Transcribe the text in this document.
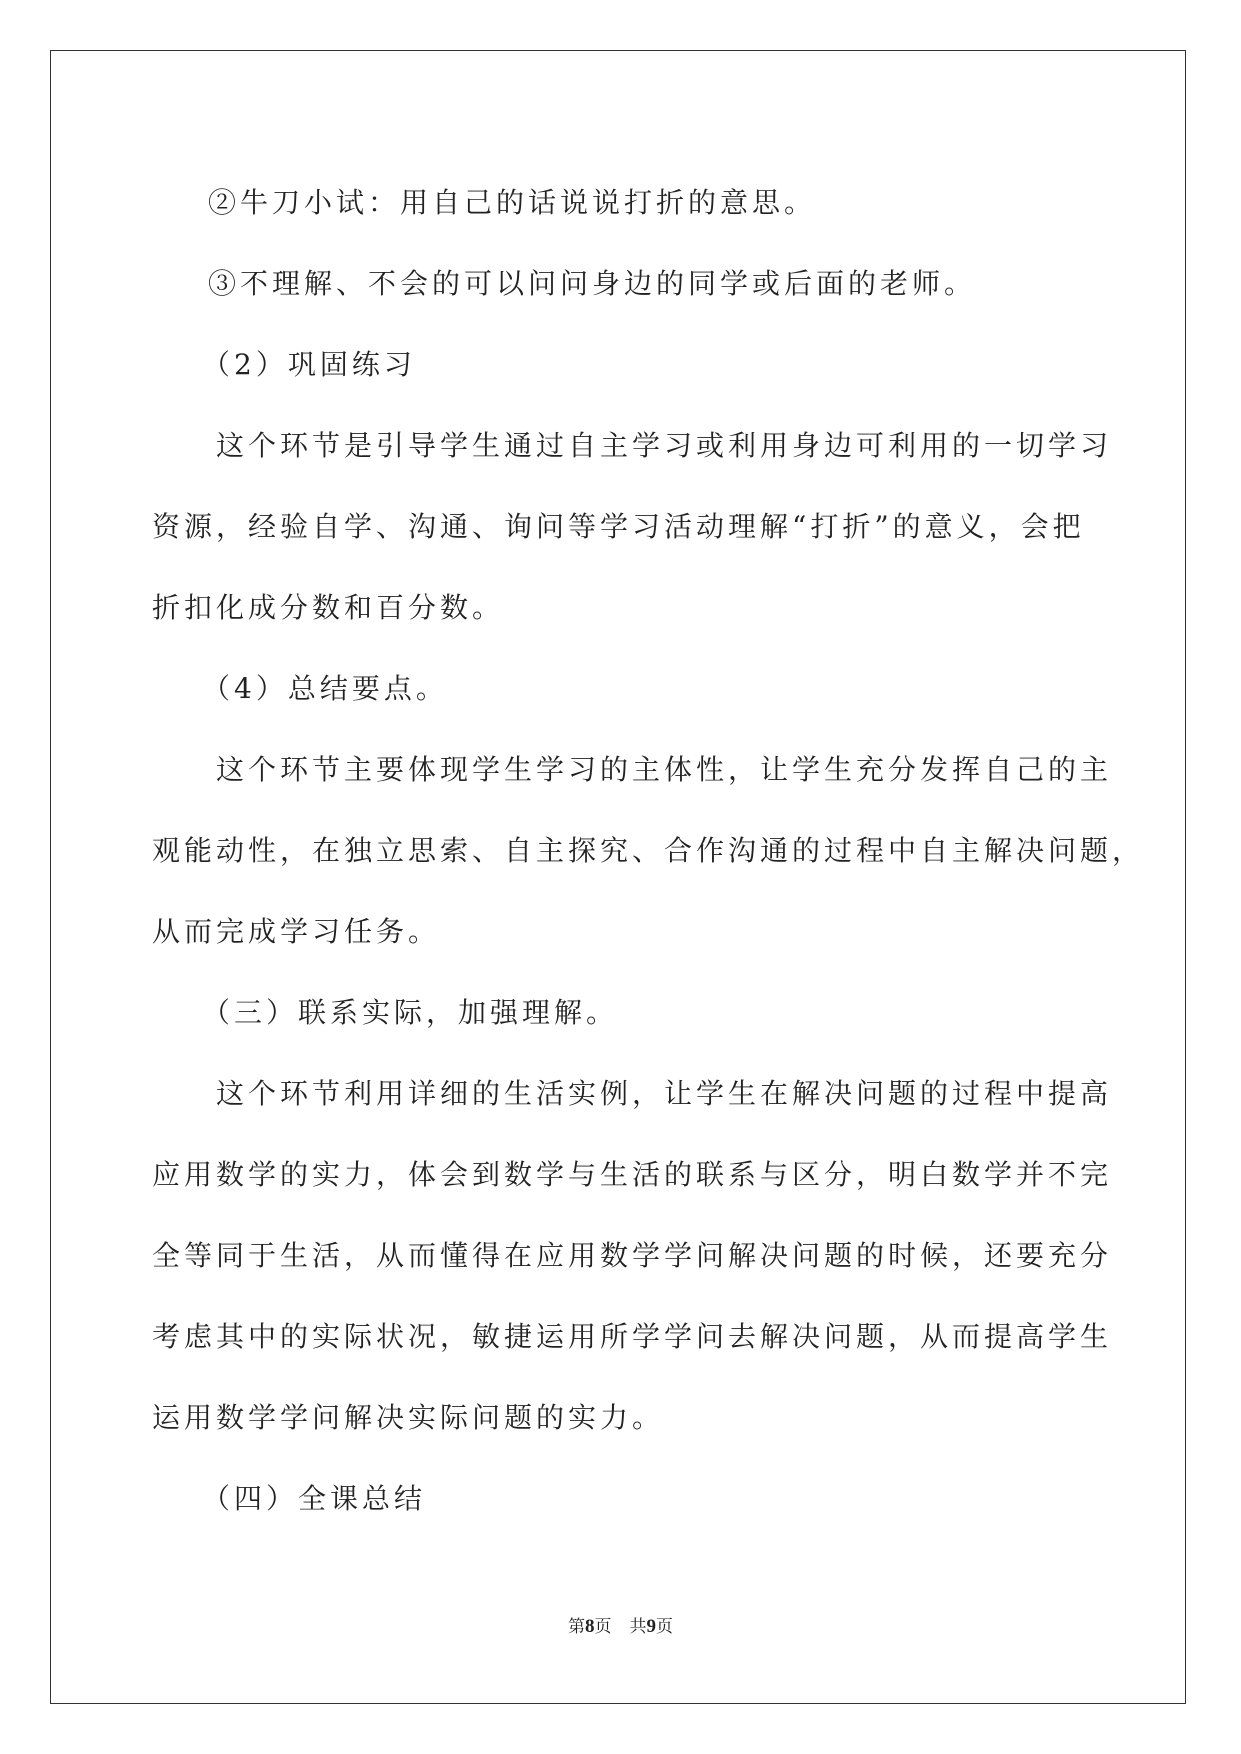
②牛刀小试：用自己的话说说打折的意思。
③不理解、不会的可以问问身边的同学或后面的老师。
（2）巩固练习
这个环节是引导学生通过自主学习或利用身边可利用的一切学习
资源，经验自学、沟通、询问等学习活动理解“打折”的意义，会把
折扣化成分数和百分数。
（4）总结要点。
这个环节主要体现学生学习的主体性，让学生充分发挥自己的主
观能动性，在独立思索、自主探究、合作沟通的过程中自主解决问题，
从而完成学习任务。
（三）联系实际，加强理解。
这个环节利用详细的生活实例，让学生在解决问题的过程中提高
应用数学的实力，体会到数学与生活的联系与区分，明白数学并不完
全等同于生活，从而懂得在应用数学学问解决问题的时候，还要充分
考虑其中的实际状况，敏捷运用所学学问去解决问题，从而提高学生
运用数学学问解决实际问题的实力。
（四）全课总结
第8页 共9页
